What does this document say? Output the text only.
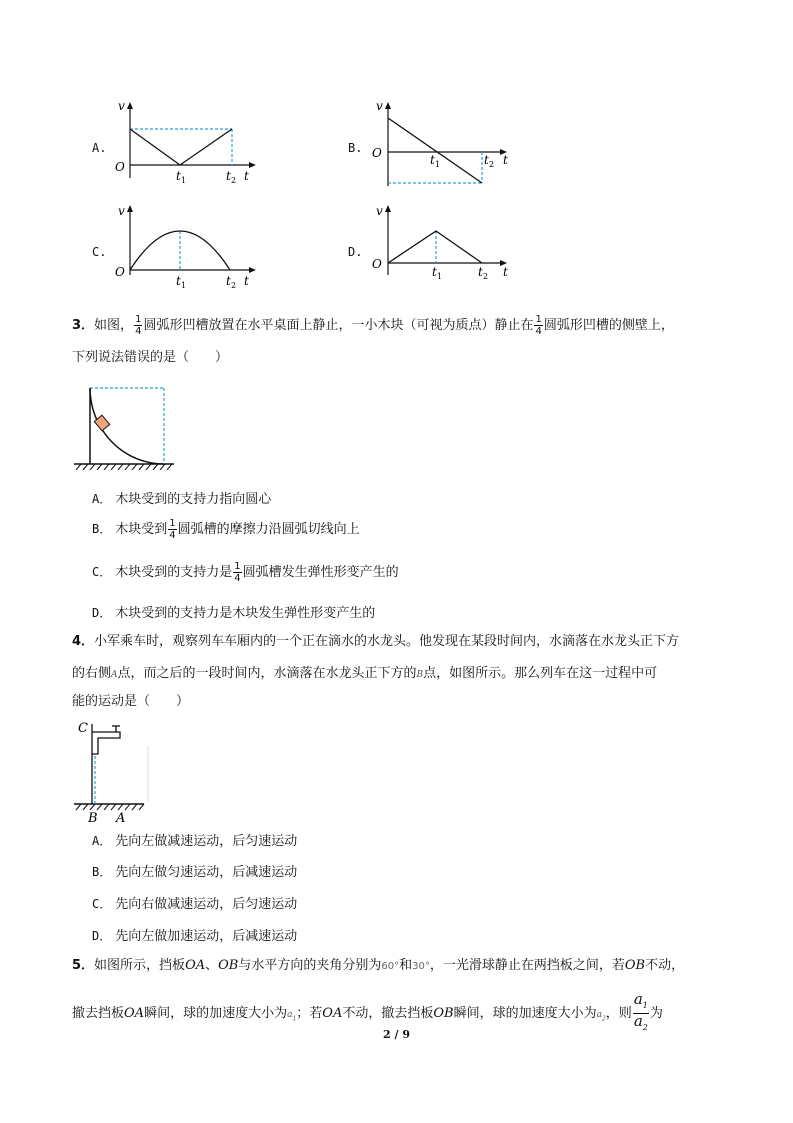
A.
v
O
t 1	t 2 t
B.
v
O	t 1	t 2 t
C.
v
O
t 1	t 2 t
D.
v
O
t 1	t 2 t
3．如图， $\frac{1}{4}$ 圆弧形凹槽放置在水平桌面上静止，一小木块（可视为质点）静止在 $\frac{1}{4}$ 圆弧形凹槽的侧壁上，
下列说法错误的是（　　）
A． 木块受到的支持力指向圆心
B． 木块受到 $\frac{1}{4}$ 圆弧槽的摩擦力沿圆弧切线向上
C． 木块受到的支持力是 $\frac{1}{4}$ 圆弧槽发生弹性形变产生的
D． 木块受到的支持力是木块发生弹性形变产生的
4．小军乘车时，观察列车车厢内的一个正在滴水的水龙头。他发现在某段时间内，水滴落在水龙头正下方
的右侧A点，而之后的一段时间内，水滴落在水龙头正下方的B点，如图所示。那么列车在这一过程中可
能的运动是（　　）
C
B A
A． 先向左做减速运动，后匀速运动
B． 先向左做匀速运动，后减速运动
C． 先向右做减速运动，后匀速运动
D． 先向左做加速运动，后减速运动
5．如图所示，挡板OA、OB与水平方向的夹角分别为60°和30°，一光滑球静止在两挡板之间，若OB不动，
撤去挡板OA瞬间，球的加速度大小为$a_1$；若OA不动，撤去挡板OB瞬间，球的加速度大小为$a_2$，则 $\frac{a_1}{a_2}$ 为
2 / 9
